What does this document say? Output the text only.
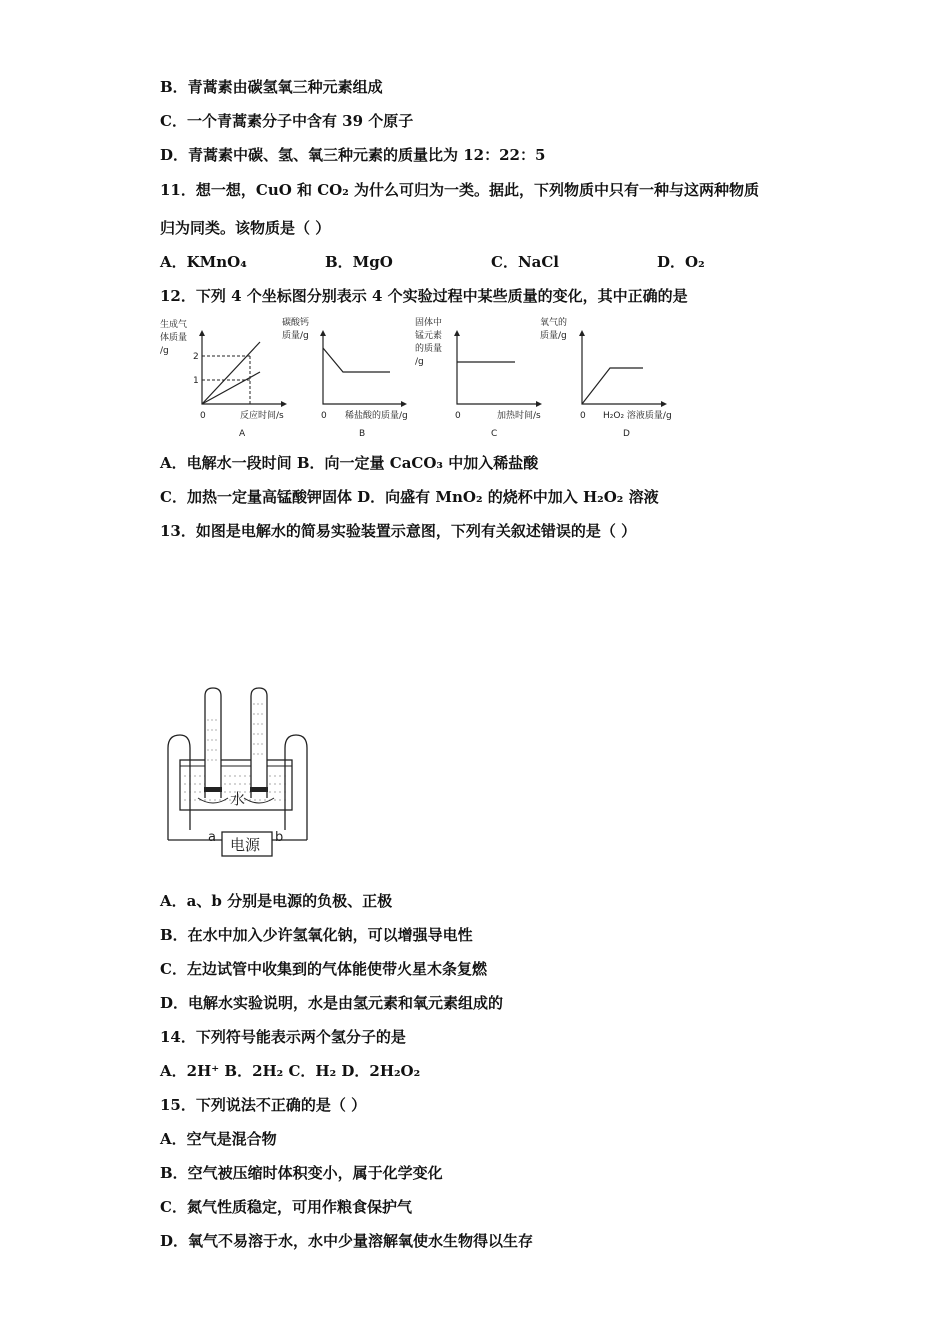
B．青蒿素由碳氢氧三种元素组成
C．一个青蒿素分子中含有 39 个原子
D．青蒿素中碳、氢、氧三种元素的质量比为 12：22：5
11．想一想，CuO 和 CO₂ 为什么可归为一类。据此，下列物质中只有一种与这两种物质
归为同类。该物质是（ ）
A．KMnO₄	B．MgO	C．NaCl	D．O₂
12．下列 4 个坐标图分别表示 4 个实验过程中某些质量的变化，其中正确的是
生成气
体质量
/g
2
1
0	反应时间/s
A
碳酸钙
质量/g
0 稀盐酸的质量/g
B
固体中
锰元素
的质量
/g
0	加热时间/s
C
氧气的
质量/g
0 H₂O₂ 溶液质量/g
D
A．电解水一段时间 B．向一定量 CaCO₃ 中加入稀盐酸
C．加热一定量高锰酸钾固体 D．向盛有 MnO₂ 的烧杯中加入 H₂O₂ 溶液
13．如图是电解水的简易实验装置示意图，下列有关叙述错误的是（ ）
水
电源
a	b
A．a、b 分别是电源的负极、正极
B．在水中加入少许氢氧化钠，可以增强导电性
C．左边试管中收集到的气体能使带火星木条复燃
D．电解水实验说明，水是由氢元素和氧元素组成的
14．下列符号能表示两个氢分子的是
A．2H⁺ B．2H₂ C．H₂ D．2H₂O₂
15．下列说法不正确的是（ ）
A．空气是混合物
B．空气被压缩时体积变小，属于化学变化
C．氮气性质稳定，可用作粮食保护气
D．氧气不易溶于水，水中少量溶解氧使水生物得以生存
